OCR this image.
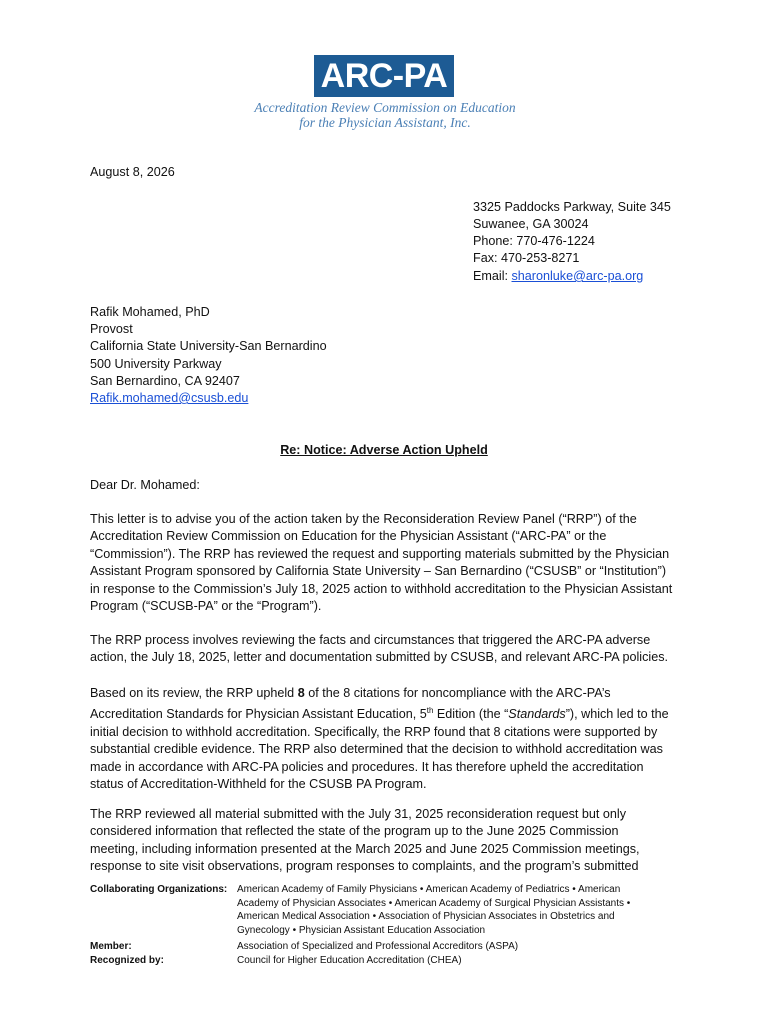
ARC-PA
Accreditation Review Commission on Education
for the Physician Assistant, Inc.
August 8, 2026
3325 Paddocks Parkway, Suite 345
Suwanee, GA 30024
Phone: 770-476-1224
Fax: 470-253-8271
Email: sharonluke@arc-pa.org
Rafik Mohamed, PhD
Provost
California State University-San Bernardino
500 University Parkway
San Bernardino, CA 92407
Rafik.mohamed@csusb.edu
Re: Notice: Adverse Action Upheld
Dear Dr. Mohamed:

This letter is to advise you of the action taken by the Reconsideration Review Panel (“RRP”) of the

Accreditation Review Commission on Education for the Physician Assistant (“ARC-PA” or the

“Commission”). The RRP has reviewed the request and supporting materials submitted by the Physician

Assistant Program sponsored by California State University – San Bernardino (“CSUSB” or “Institution”)

in response to the Commission’s July 18, 2025 action to withhold accreditation to the Physician Assistant

Program (“SCUSB-PA” or the “Program”).

The RRP process involves reviewing the facts and circumstances that triggered the ARC-PA adverse

action, the July 18, 2025, letter and documentation submitted by CSUSB, and relevant ARC-PA policies.

Based on its review, the RRP upheld 8 of the 8 citations for noncompliance with the ARC-PA’s

Accreditation Standards for Physician Assistant Education, 5th Edition (the “Standards”), which led to the

initial decision to withhold accreditation. Specifically, the RRP found that 8 citations were supported by

substantial credible evidence. The RRP also determined that the decision to withhold accreditation was

made in accordance with ARC-PA policies and procedures. It has therefore upheld the accreditation

status of Accreditation-Withheld for the CSUSB PA Program.

The RRP reviewed all material submitted with the July 31, 2025 reconsideration request but only

considered information that reflected the state of the program up to the June 2025 Commission

meeting, including information presented at the March 2025 and June 2025 Commission meetings,

response to site visit observations, program responses to complaints, and the program’s submitted

Collaborating Organizations: American Academy of Family Physicians • American Academy of Pediatrics • American Academy of Physician Associates • American Academy of Surgical Physician Assistants • American Medical Association • Association of Physician Associates in Obstetrics and Gynecology • Physician Assistant Education Association
Member:	Association of Specialized and Professional Accreditors (ASPA)
Recognized by:	Council for Higher Education Accreditation (CHEA)
